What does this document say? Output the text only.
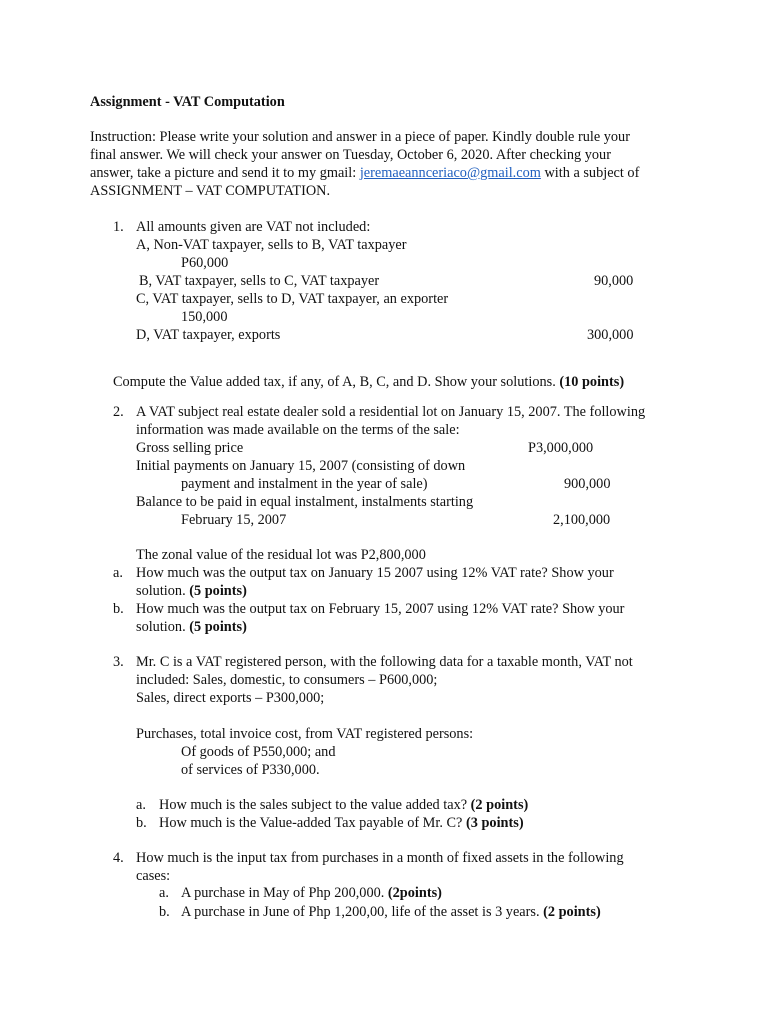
Assignment - VAT Computation
Instruction: Please write your solution and answer in a piece of paper. Kindly double rule your
final answer. We will check your answer on Tuesday, October 6, 2020. After checking your
answer, take a picture and send it to my gmail: jeremaeannceriaco@gmail.com with a subject of
ASSIGNMENT – VAT COMPUTATION.
1. All amounts given are VAT not included:
A, Non-VAT taxpayer, sells to B, VAT taxpayer
P60,000
B, VAT taxpayer, sells to C, VAT taxpayer	90,000
C, VAT taxpayer, sells to D, VAT taxpayer, an exporter
150,000
D, VAT taxpayer, exports	300,000
Compute the Value added tax, if any, of A, B, C, and D. Show your solutions. (10 points)
2. A VAT subject real estate dealer sold a residential lot on January 15, 2007. The following
information was made available on the terms of the sale:
Gross selling price	P3,000,000
Initial payments on January 15, 2007 (consisting of down
payment and instalment in the year of sale)	900,000
Balance to be paid in equal instalment, instalments starting
February 15, 2007	2,100,000
The zonal value of the residual lot was P2,800,000
a. How much was the output tax on January 15 2007 using 12% VAT rate? Show your
solution. (5 points)
b. How much was the output tax on February 15, 2007 using 12% VAT rate? Show your
solution. (5 points)
3. Mr. C is a VAT registered person, with the following data for a taxable month, VAT not
included: Sales, domestic, to consumers – P600,000;
Sales, direct exports – P300,000;
Purchases, total invoice cost, from VAT registered persons:
Of goods of P550,000; and
of services of P330,000.
a. How much is the sales subject to the value added tax? (2 points)
b. How much is the Value-added Tax payable of Mr. C? (3 points)
4. How much is the input tax from purchases in a month of fixed assets in the following
cases:
a. A purchase in May of Php 200,000. (2points)
b. A purchase in June of Php 1,200,00, life of the asset is 3 years. (2 points)
